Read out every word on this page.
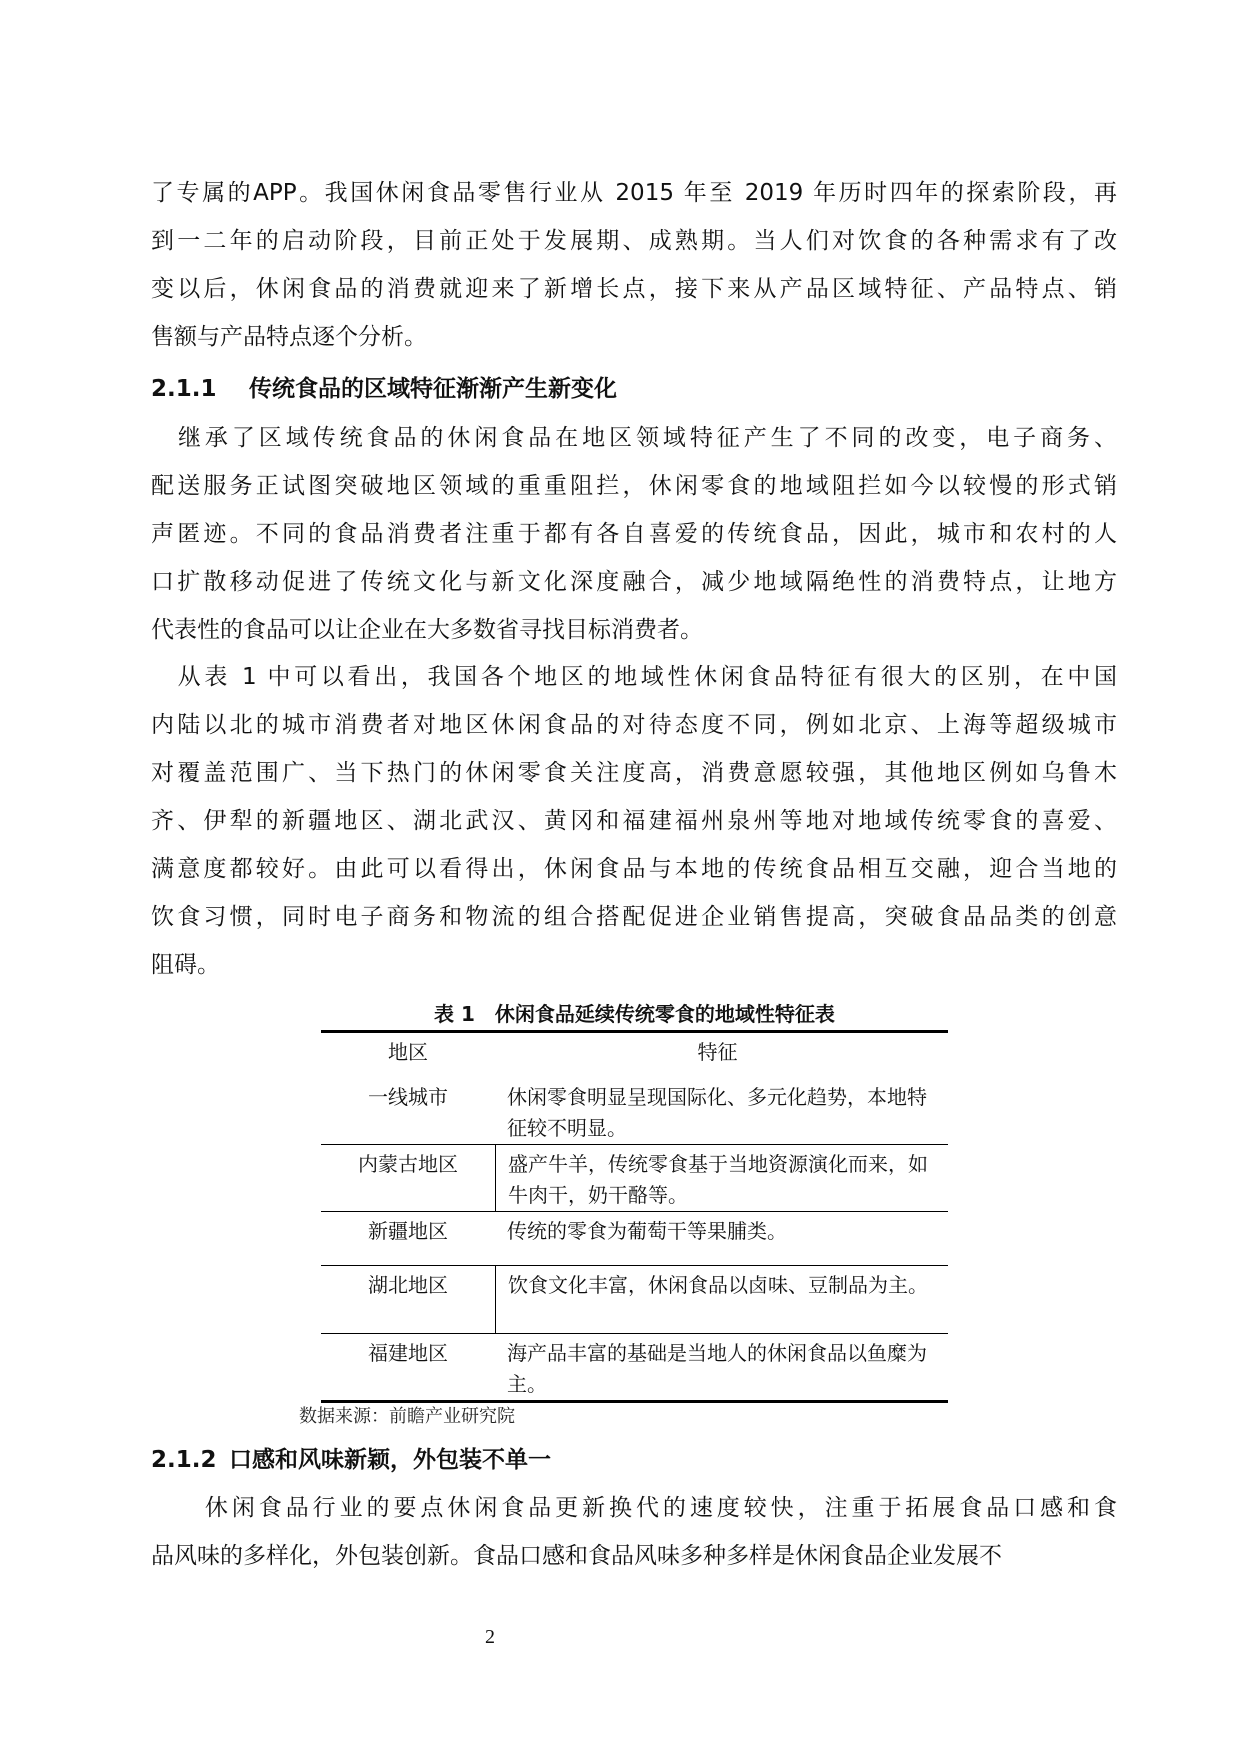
了专属的APP。我国休闲食品零售行业从 2015 年至 2019 年历时四年的探索阶段，再
到一二年的启动阶段，目前正处于发展期、成熟期。当人们对饮食的各种需求有了改
变以后，休闲食品的消费就迎来了新增长点，接下来从产品区域特征、产品特点、销
售额与产品特点逐个分析。
2.1.1 传统食品的区域特征渐渐产生新变化
　继承了区域传统食品的休闲食品在地区领域特征产生了不同的改变，电子商务、
配送服务正试图突破地区领域的重重阻拦，休闲零食的地域阻拦如今以较慢的形式销
声匿迹。不同的食品消费者注重于都有各自喜爱的传统食品，因此，城市和农村的人
口扩散移动促进了传统文化与新文化深度融合，减少地域隔绝性的消费特点，让地方
代表性的食品可以让企业在大多数省寻找目标消费者。
　从表 1 中可以看出，我国各个地区的地域性休闲食品特征有很大的区别，在中国
内陆以北的城市消费者对地区休闲食品的对待态度不同，例如北京、上海等超级城市
对覆盖范围广、当下热门的休闲零食关注度高，消费意愿较强，其他地区例如乌鲁木
齐、伊犁的新疆地区、湖北武汉、黄冈和福建福州泉州等地对地域传统零食的喜爱、
满意度都较好。由此可以看得出，休闲食品与本地的传统食品相互交融，迎合当地的
饮食习惯，同时电子商务和物流的组合搭配促进企业销售提高，突破食品品类的创意
阻碍。
表 1　休闲食品延续传统零食的地域性特征表
地区	特征
一线城市	休闲零食明显呈现国际化、多元化趋势，本地特征较不明显。
内蒙古地区	盛产牛羊，传统零食基于当地资源演化而来，如牛肉干，奶干酪等。
新疆地区	传统的零食为葡萄干等果脯类。
湖北地区	饮食文化丰富，休闲食品以卤味、豆制品为主。
福建地区	海产品丰富的基础是当地人的休闲食品以鱼糜为主。
数据来源：前瞻产业研究院
2.1.2 口感和风味新颖，外包装不单一
　　休闲食品行业的要点休闲食品更新换代的速度较快，注重于拓展食品口感和食
品风味的多样化，外包装创新。食品口感和食品风味多种多样是休闲食品企业发展不
2
